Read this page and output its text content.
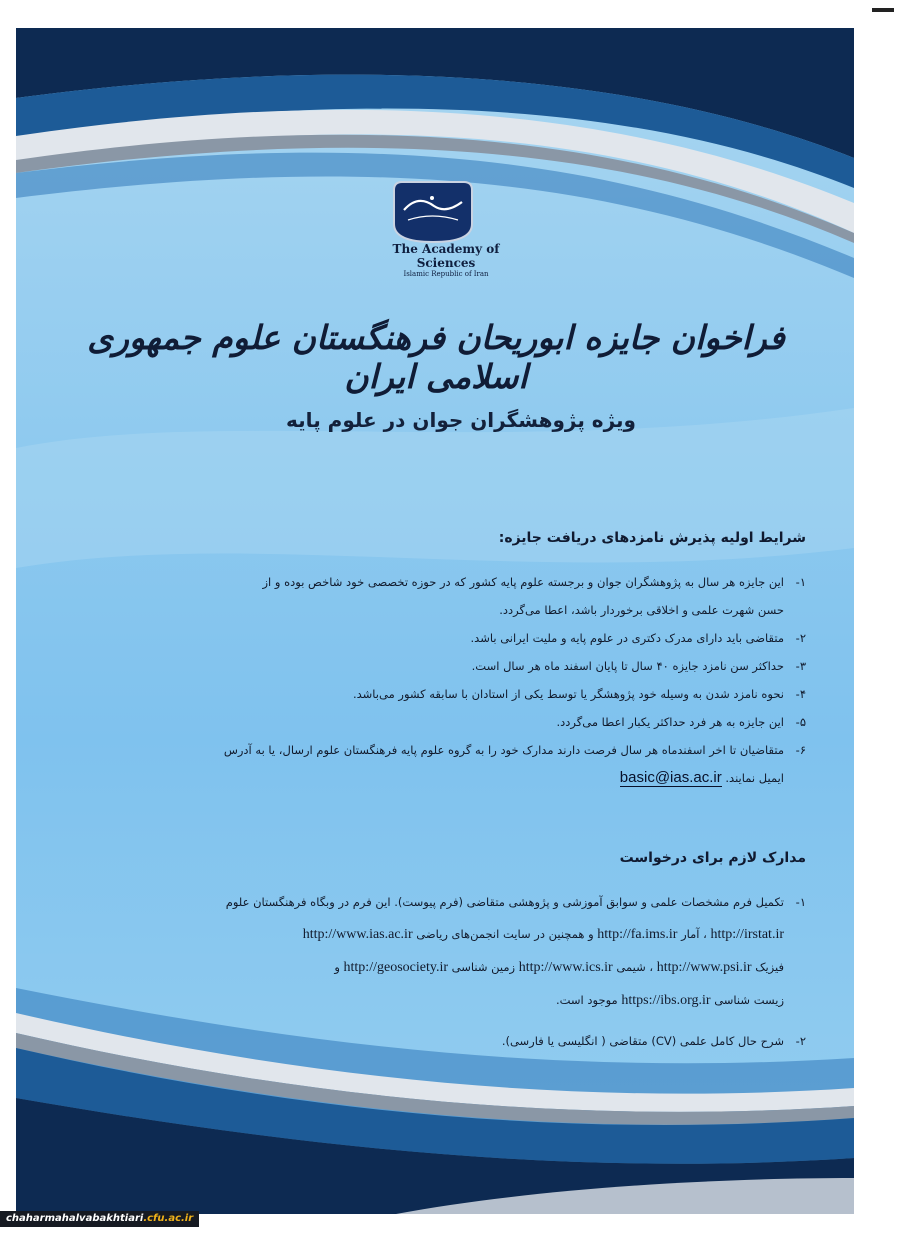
The Academy of Sciences
Islamic Republic of Iran
فراخوان جایزه ابوریحان فرهنگستان علوم جمهوری اسلامی ایران
ویژه پژوهشگران جوان در علوم پایه
شرایط اولیه پذیرش نامزدهای دریافت جایزه:
۱-
این جایزه هر سال به پژوهشگران جوان و برجسته علوم پایه کشور که در حوزه تخصصی خود شاخص بوده و از
حسن شهرت علمی و اخلاقی برخوردار باشد، اعطا می‌گردد.
۲-
متقاضی باید دارای مدرک دکتری در علوم پایه و ملیت ایرانی باشد.
۳-
حداکثر سن نامزد جایزه ۴۰ سال تا پایان اسفند ماه هر سال است.
۴-
نحوه نامزد شدن به وسیله خود پژوهشگر یا توسط یکی از استادان با سابقه کشور می‌باشد.
۵-
این جایزه به هر فرد حداکثر یکبار اعطا می‌گردد.
۶-
متقاضیان تا اخر اسفندماه هر سال فرصت دارند مدارک خود را به گروه علوم پایه فرهنگستان علوم ارسال، یا به آدرس
ایمیل نمایند. basic@ias.ac.ir
مدارک لازم برای درخواست
۱-
تکمیل فرم مشخصات علمی و سوابق آموزشی و پژوهشی متقاضی (فرم پیوست). این فرم در وبگاه فرهنگستان علوم
http://irstat.ir ، آمار http://fa.ims.ir و همچنین در سایت انجمن‌های ریاضی http://www.ias.ac.ir
فیزیک http://www.psi.ir ، شیمی http://www.ics.ir زمین شناسی http://geosociety.ir و
زیست شناسی https://ibs.org.ir موجود است.
۲-
شرح حال کامل علمی (CV) متقاضی ( انگلیسی یا فارسی).
chaharmahalvabakhtiari.cfu.ac.ir
